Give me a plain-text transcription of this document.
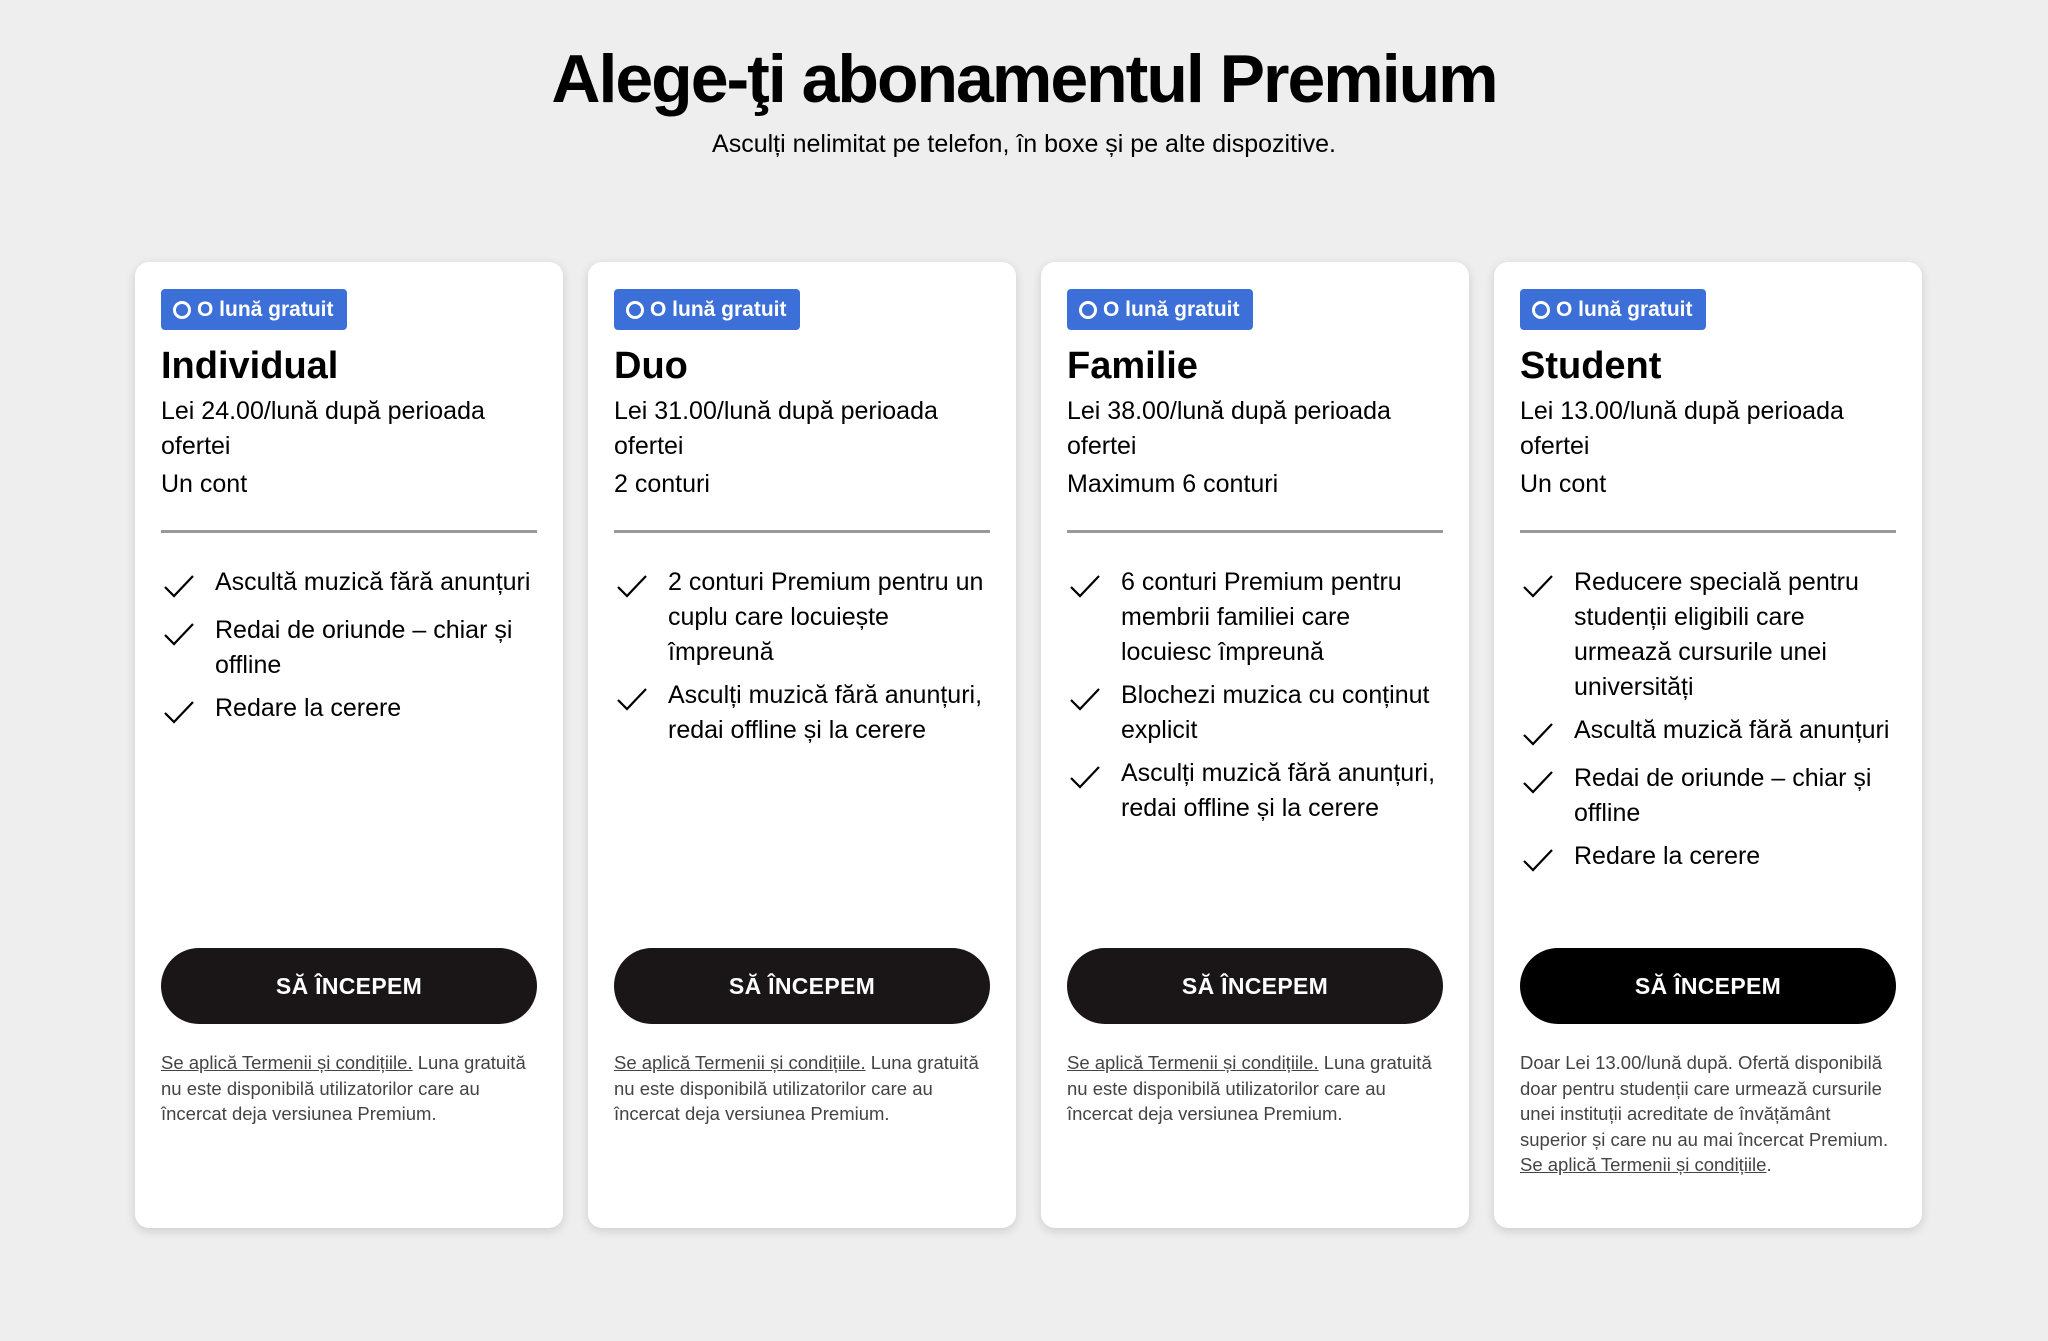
Alege-ţi abonamentul Premium
Asculți nelimitat pe telefon, în boxe și pe alte dispozitive.
O lună gratuit
Individual
Lei 24.00/lună după perioada ofertei
Un cont
Ascultă muzică fără anunțuri
Redai de oriunde – chiar și offline
Redare la cerere
SĂ ÎNCEPEM
Se aplică Termenii și condițiile. Luna gratuită nu este disponibilă utilizatorilor care au încercat deja versiunea Premium.
O lună gratuit
Duo
Lei 31.00/lună după perioada ofertei
2 conturi
2 conturi Premium pentru un cuplu care locuiește împreună
Asculți muzică fără anunțuri, redai offline și la cerere
SĂ ÎNCEPEM
Se aplică Termenii și condițiile. Luna gratuită nu este disponibilă utilizatorilor care au încercat deja versiunea Premium.
O lună gratuit
Familie
Lei 38.00/lună după perioada ofertei
Maximum 6 conturi
6 conturi Premium pentru membrii familiei care locuiesc împreună
Blochezi muzica cu conținut explicit
Asculți muzică fără anunțuri, redai offline și la cerere
SĂ ÎNCEPEM
Se aplică Termenii și condițiile. Luna gratuită nu este disponibilă utilizatorilor care au încercat deja versiunea Premium.
O lună gratuit
Student
Lei 13.00/lună după perioada ofertei
Un cont
Reducere specială pentru studenții eligibili care urmează cursurile unei universități
Ascultă muzică fără anunțuri
Redai de oriunde – chiar și offline
Redare la cerere
SĂ ÎNCEPEM
Doar Lei 13.00/lună după. Ofertă disponibilă doar pentru studenții care urmează cursurile unei instituții acreditate de învățământ superior și care nu au mai încercat Premium. Se aplică Termenii și condițiile.
